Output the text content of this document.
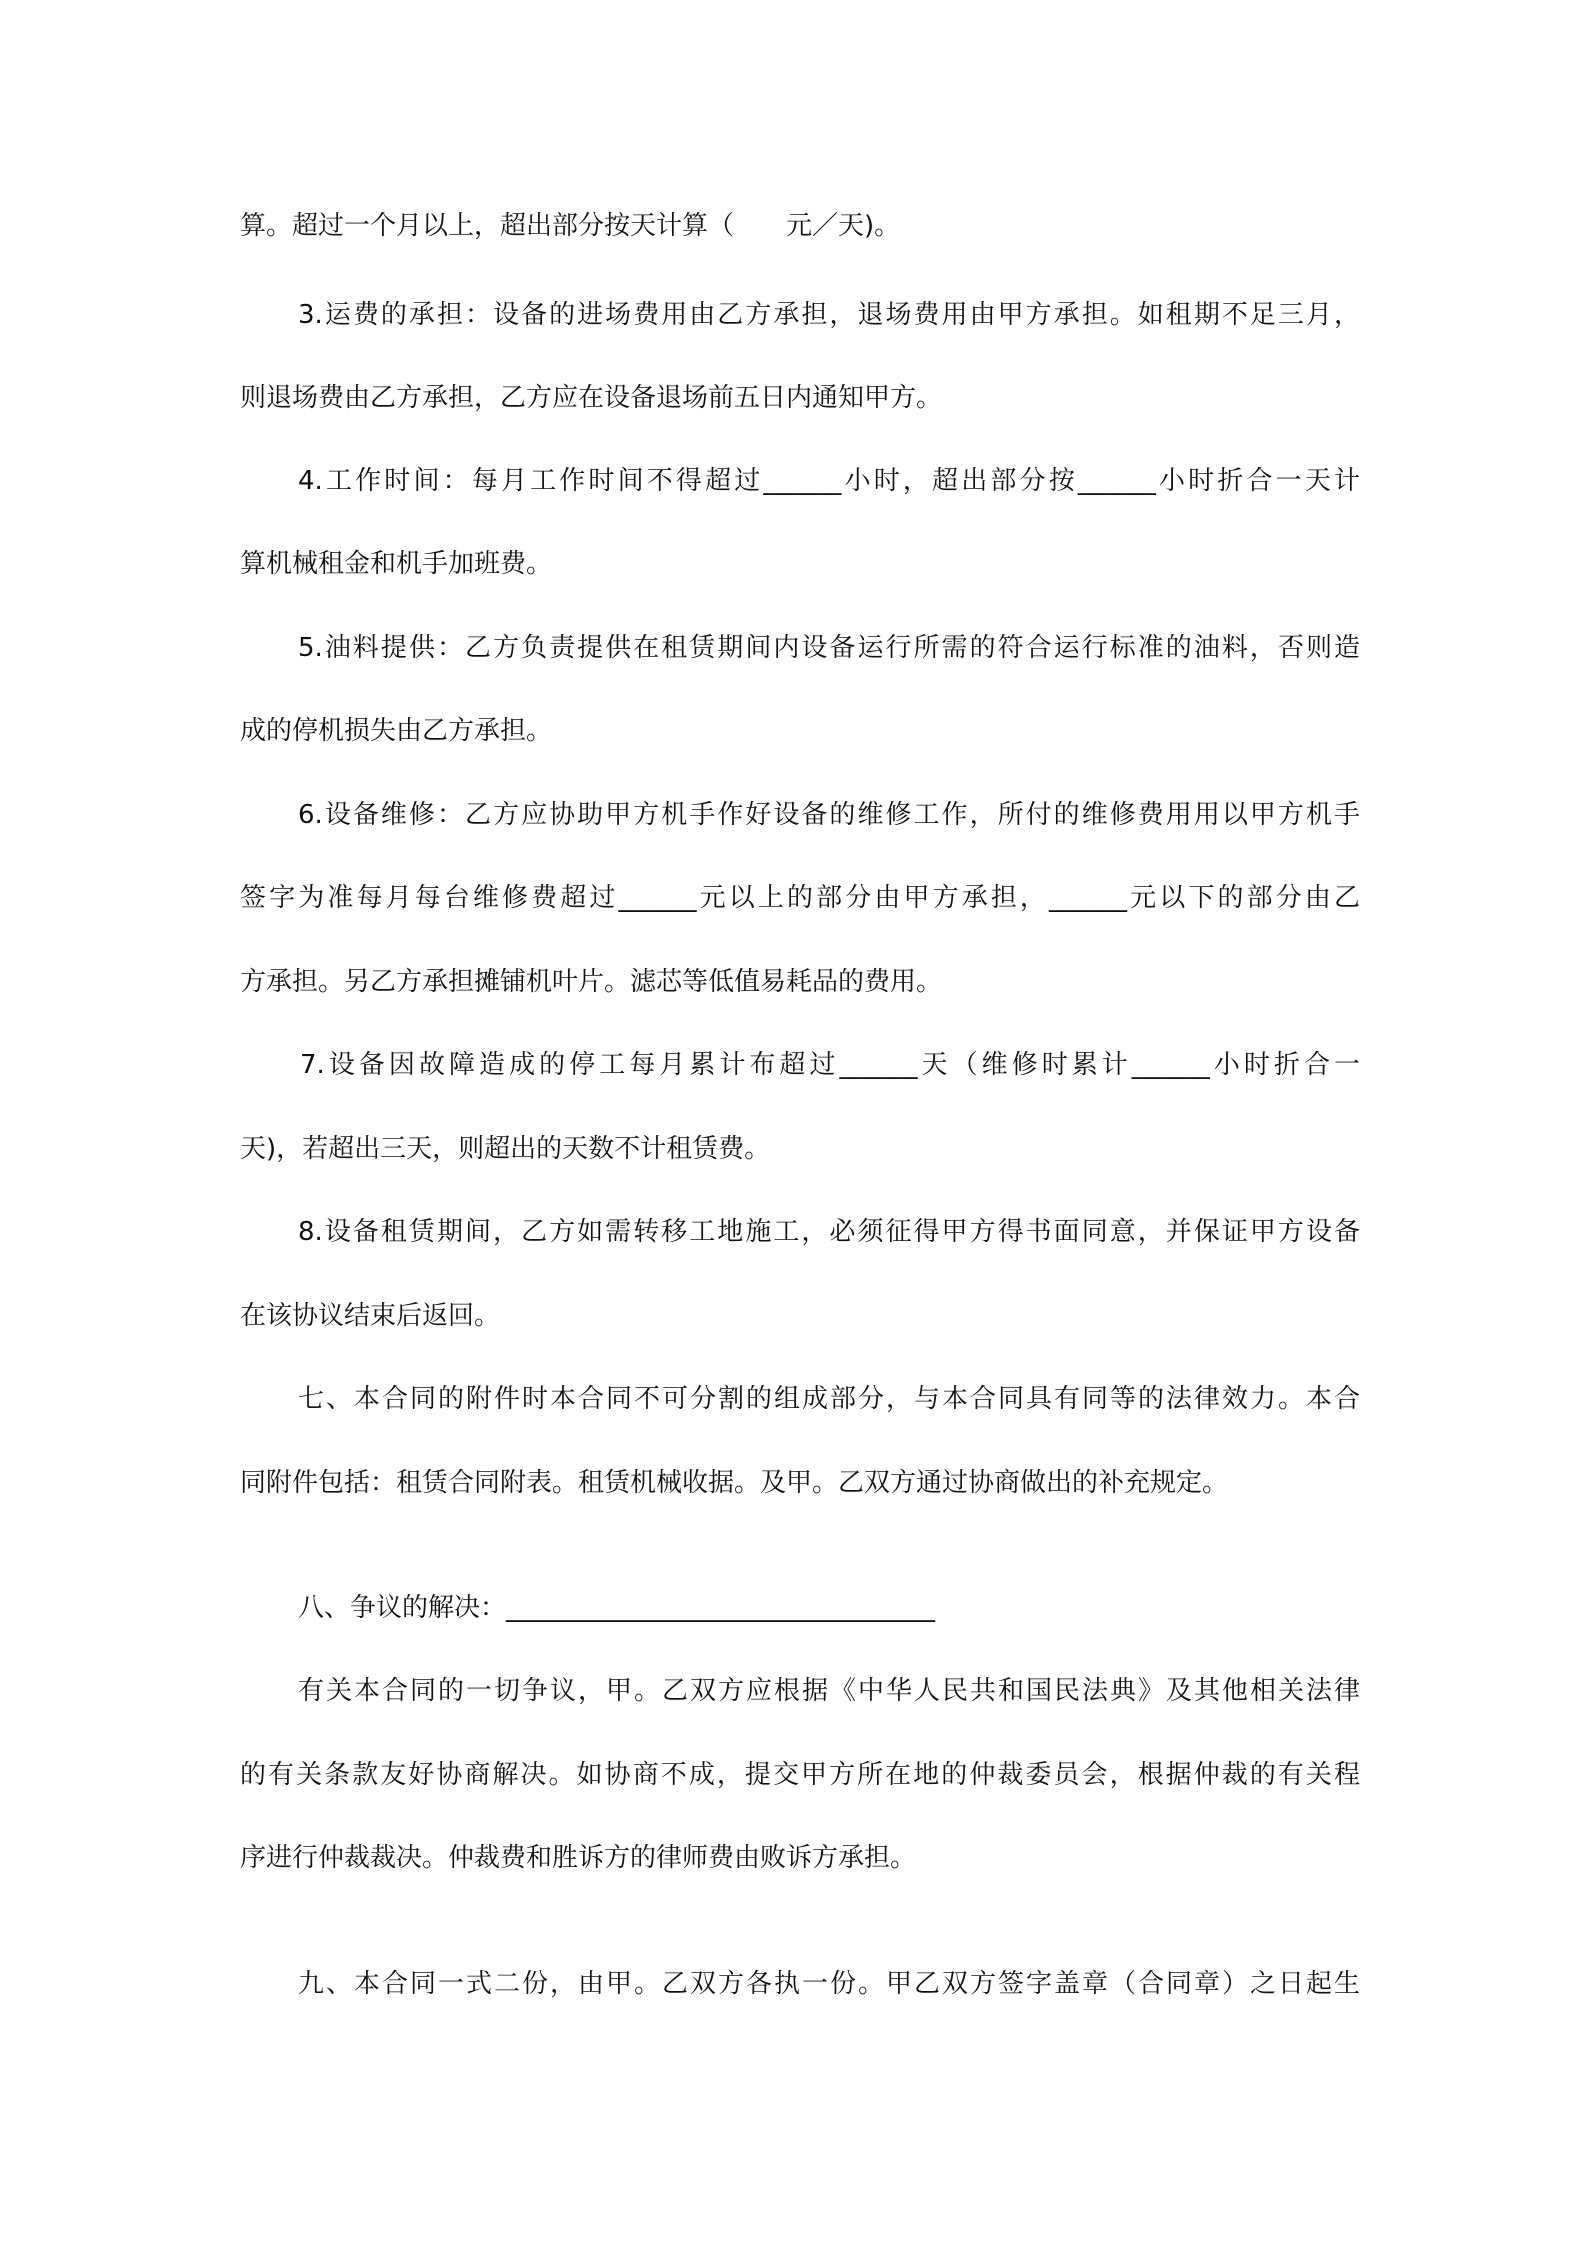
算。超过一个月以上，超出部分按天计算（　　元／天)。
3.运费的承担：设备的进场费用由乙方承担，退场费用由甲方承担。如租期不足三月，
则退场费由乙方承担，乙方应在设备退场前五日内通知甲方。
4.工作时间：每月工作时间不得超过______小时，超出部分按______小时折合一天计
算机械租金和机手加班费。
5.油料提供：乙方负责提供在租赁期间内设备运行所需的符合运行标准的油料，否则造
成的停机损失由乙方承担。
6.设备维修：乙方应协助甲方机手作好设备的维修工作，所付的维修费用用以甲方机手
签字为准每月每台维修费超过______元以上的部分由甲方承担，______元以下的部分由乙
方承担。另乙方承担摊铺机叶片。滤芯等低值易耗品的费用。
7.设备因故障造成的停工每月累计布超过______天（维修时累计______小时折合一
天)，若超出三天，则超出的天数不计租赁费。
8.设备租赁期间，乙方如需转移工地施工，必须征得甲方得书面同意，并保证甲方设备
在该协议结束后返回。
七、本合同的附件时本合同不可分割的组成部分，与本合同具有同等的法律效力。本合
同附件包括：租赁合同附表。租赁机械收据。及甲。乙双方通过协商做出的补充规定。
八、争议的解决：_________________________________
有关本合同的一切争议，甲。乙双方应根据《中华人民共和国民法典》及其他相关法律
的有关条款友好协商解决。如协商不成，提交甲方所在地的仲裁委员会，根据仲裁的有关程
序进行仲裁裁决。仲裁费和胜诉方的律师费由败诉方承担。
九、本合同一式二份，由甲。乙双方各执一份。甲乙双方签字盖章（合同章）之日起生
